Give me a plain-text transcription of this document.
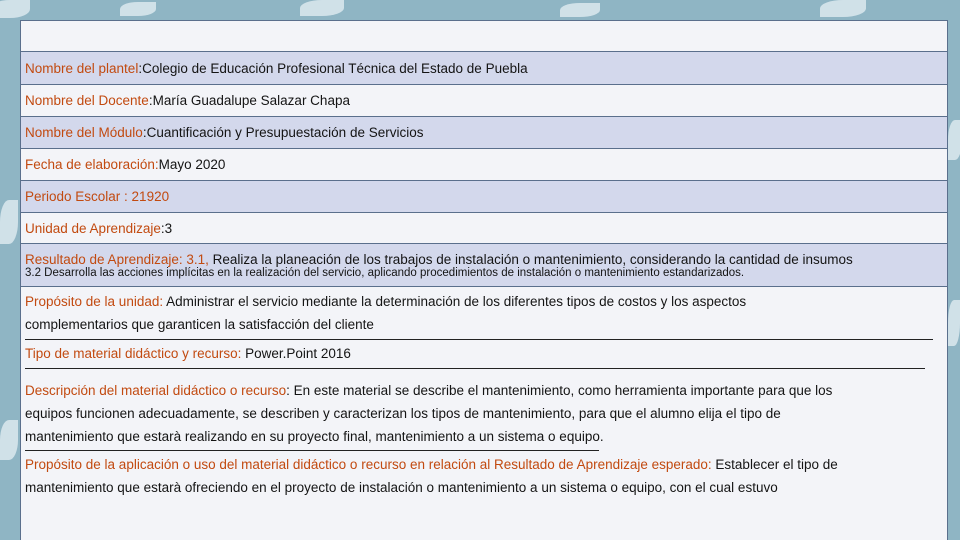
Nombre del plantel : Colegio de Educación Profesional Técnica del Estado de Puebla
Nombre del Docente : María Guadalupe Salazar Chapa
Nombre del Módulo : Cuantificación y Presupuestación de Servicios
Fecha de elaboración: Mayo 2020
Periodo Escolar : 21920
Unidad de Aprendizaje : 3
Resultado de Aprendizaje: 3.1, Realiza la planeación de los trabajos de instalación o mantenimiento, considerando la cantidad de insumos
3.2 Desarrolla las acciones implícitas en la realización del servicio, aplicando procedimientos de instalación o mantenimiento estandarizados.
Propósito de la unidad: Administrar el servicio mediante la determinación de los diferentes tipos de costos y los aspectos
complementarios que garanticen la satisfacción del cliente
Tipo de material didáctico y recurso: Power.Point 2016
Descripción del material didáctico o recurso: En este material se describe el mantenimiento, como herramienta importante para que los
equipos funcionen adecuadamente, se describen y caracterizan los tipos de mantenimiento, para que el alumno elija el tipo de
mantenimiento que estarà realizando en su proyecto final, mantenimiento a un sistema o equipo.
Propósito de la aplicación o uso del material didáctico o recurso en relación al Resultado de Aprendizaje esperado: Establecer el tipo de
mantenimiento que estarà ofreciendo en el proyecto de instalación o mantenimiento a un sistema o equipo, con el cual estuvo
